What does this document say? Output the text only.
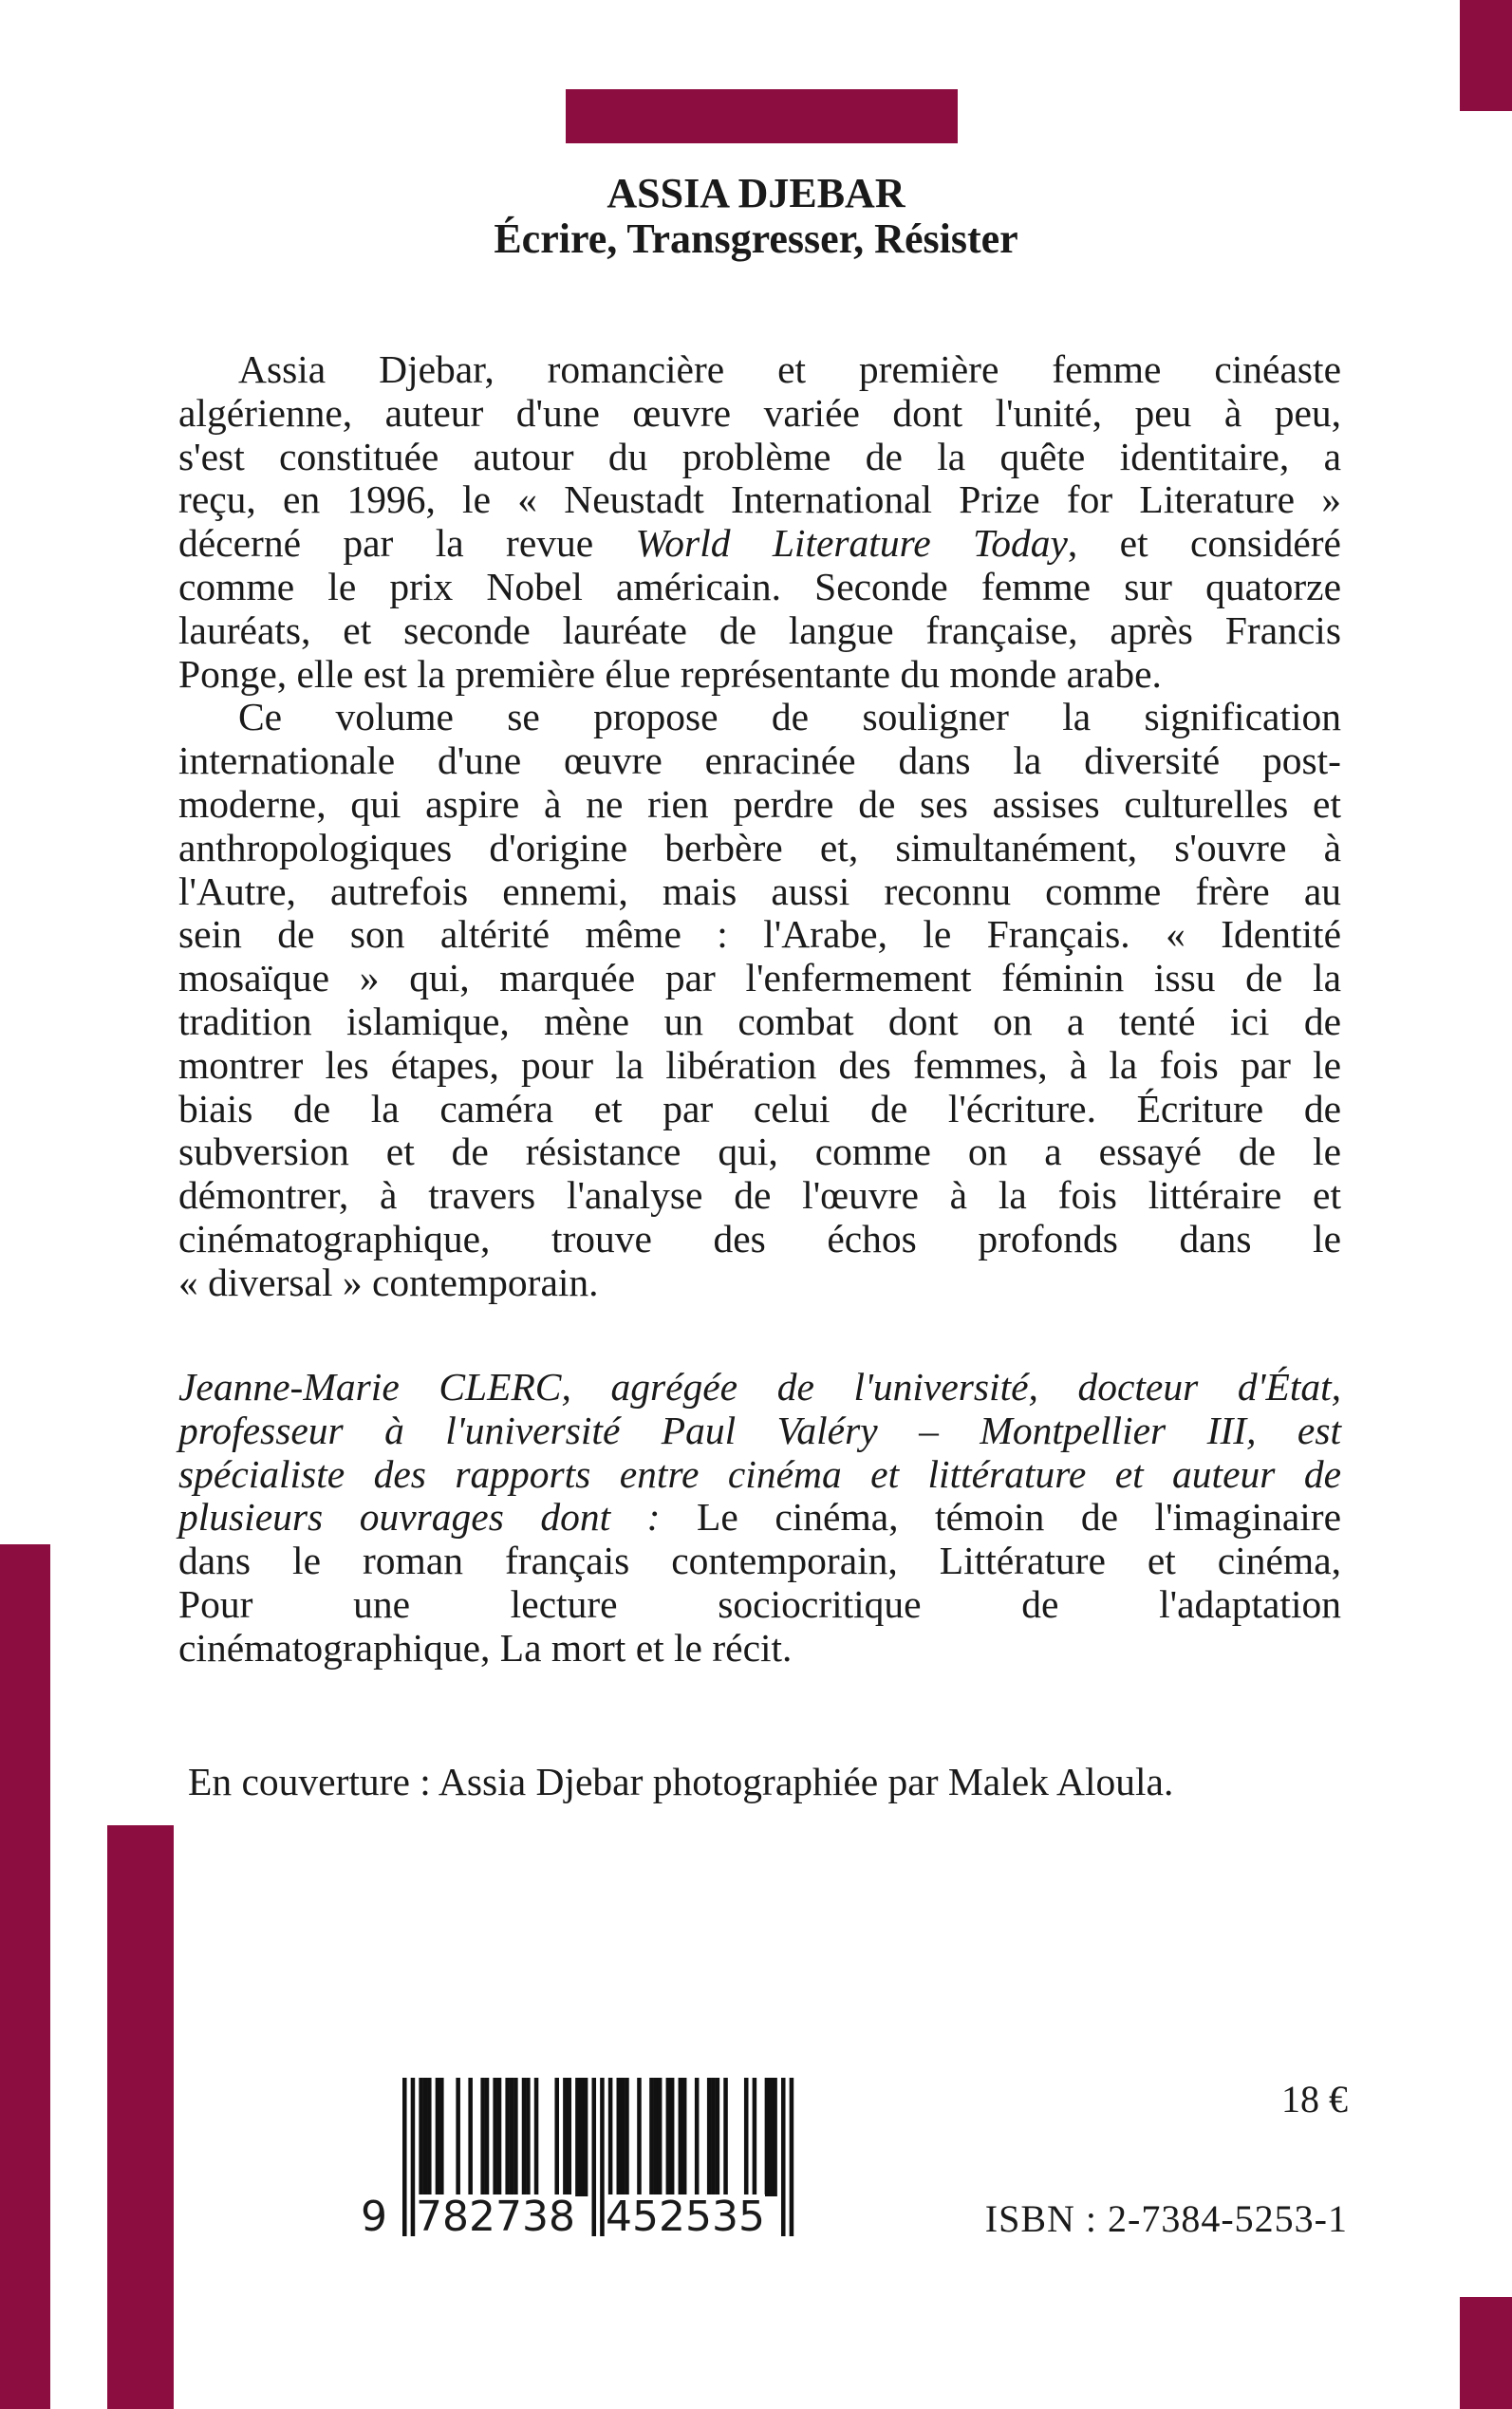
ASSIA DJEBAR
Écrire, Transgresser, Résister
Assia Djebar, romancière et première femme cinéaste
algérienne, auteur d'une œuvre variée dont l'unité, peu à peu,
s'est constituée autour du problème de la quête identitaire, a
reçu, en 1996, le « Neustadt International Prize for Literature »
décerné par la revue World Literature Today, et considéré
comme le prix Nobel américain. Seconde femme sur quatorze
lauréats, et seconde lauréate de langue française, après Francis
Ponge, elle est la première élue représentante du monde arabe.
Ce volume se propose de souligner la signification
internationale d'une œuvre enracinée dans la diversité post-
moderne, qui aspire à ne rien perdre de ses assises culturelles et
anthropologiques d'origine berbère et, simultanément, s'ouvre à
l'Autre, autrefois ennemi, mais aussi reconnu comme frère au
sein de son altérité même : l'Arabe, le Français. « Identité
mosaïque » qui, marquée par l'enfermement féminin issu de la
tradition islamique, mène un combat dont on a tenté ici de
montrer les étapes, pour la libération des femmes, à la fois par le
biais de la caméra et par celui de l'écriture. Écriture de
subversion et de résistance qui, comme on a essayé de le
démontrer, à travers l'analyse de l'œuvre à la fois littéraire et
cinématographique, trouve des échos profonds dans le
« diversal » contemporain.
Jeanne-Marie CLERC, agrégée de l'université, docteur d'État,
professeur à l'université Paul Valéry – Montpellier III, est
spécialiste des rapports entre cinéma et littérature et auteur de
plusieurs ouvrages dont : Le cinéma, témoin de l'imaginaire
dans le roman français contemporain, Littérature et cinéma,
Pour une lecture sociocritique de l'adaptation
cinématographique, La mort et le récit.
En couverture : Assia Djebar photographiée par Malek Aloula.
9 782738 452535
18 €
ISBN : 2-7384-5253-1
